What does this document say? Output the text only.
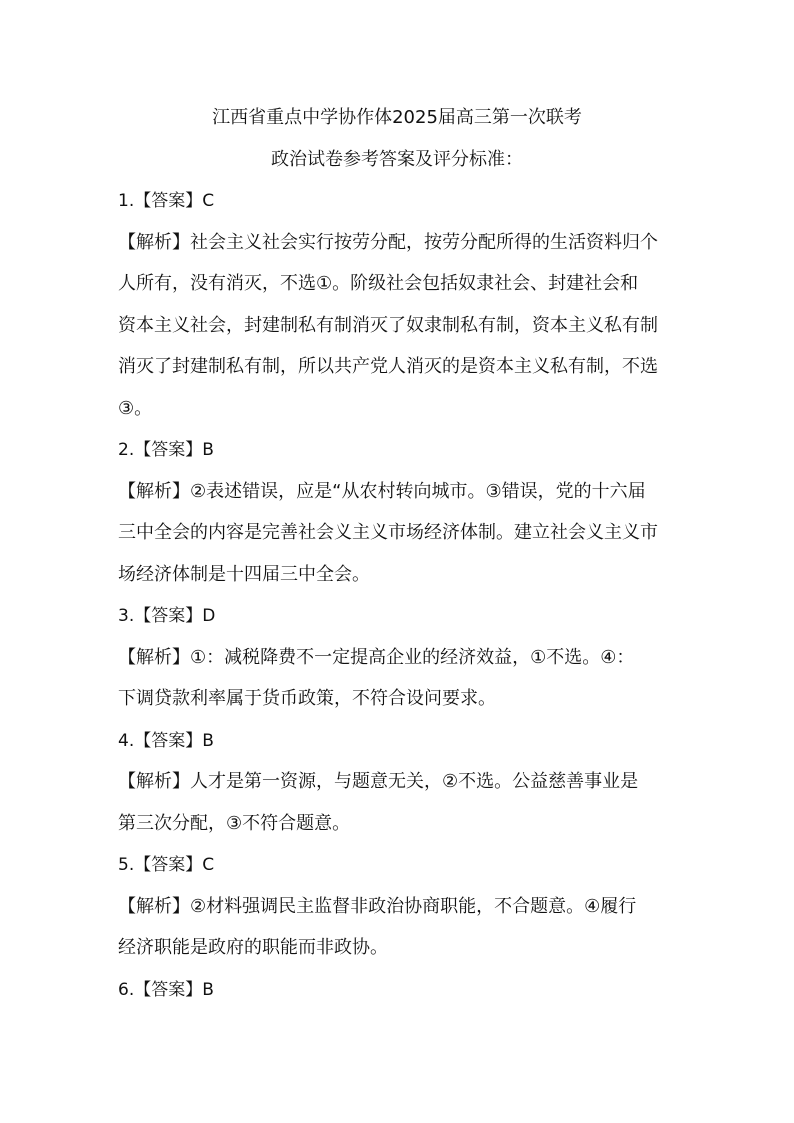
江西省重点中学协作体2025届高三第一次联考
政治试卷参考答案及评分标准：
1.【答案】C
【解析】社会主义社会实行按劳分配，按劳分配所得的生活资料归个
人所有，没有消灭，不选①。阶级社会包括奴隶社会、封建社会和
资本主义社会，封建制私有制消灭了奴隶制私有制，资本主义私有制
消灭了封建制私有制，所以共产党人消灭的是资本主义私有制，不选
③。
2.【答案】B
【解析】②表述错误，应是“从农村转向城市。③错误，党的十六届
三中全会的内容是完善社会义主义市场经济体制。建立社会义主义市
场经济体制是十四届三中全会。
3.【答案】D
【解析】①：减税降费不一定提高企业的经济效益，①不选。④：
下调贷款利率属于货币政策，不符合设问要求。
4.【答案】B
【解析】人才是第一资源，与题意无关，②不选。公益慈善事业是
第三次分配，③不符合题意。
5.【答案】C
【解析】②材料强调民主监督非政治协商职能，不合题意。④履行
经济职能是政府的职能而非政协。
6.【答案】B
